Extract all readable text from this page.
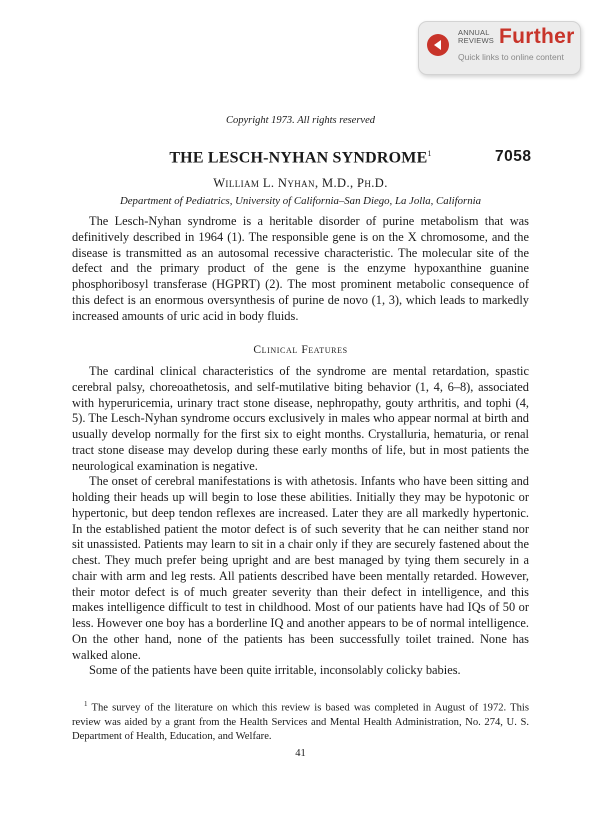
ANNUAL REVIEWS Further
Quick links to online content
Copyright 1973. All rights reserved
THE LESCH-NYHAN SYNDROME$^1$	7058
William L. Nyhan, M.D., Ph.D.
Department of Pediatrics, University of California–San Diego, La Jolla, California

The Lesch-Nyhan syndrome is a heritable disorder of purine metabolism that was definitively described in 1964 (1). The responsible gene is on the X chromosome, and the disease is transmitted as an autosomal recessive characteristic. The molecular site of the defect and the primary product of the gene is the enzyme hypoxanthine guanine phosphoribosyl transferase (HGPRT) (2). The most prominent metabolic consequence of this defect is an enormous oversynthesis of purine de novo (1, 3), which leads to markedly increased amounts of uric acid in body fluids.

Clinical Features

The cardinal clinical characteristics of the syndrome are mental retardation, spastic cerebral palsy, choreoathetosis, and self-mutilative biting behavior (1, 4, 6–8), associated with hyperuricemia, urinary tract stone disease, nephropathy, gouty arthritis, and tophi (4, 5). The Lesch-Nyhan syndrome occurs exclusively in males who appear normal at birth and usually develop normally for the first six to eight months. Crystalluria, hematuria, or renal tract stone disease may develop during these early months of life, but in most patients the neurological examination is negative.

The onset of cerebral manifestations is with athetosis. Infants who have been sitting and holding their heads up will begin to lose these abilities. Initially they may be hypotonic or hypertonic, but deep tendon reflexes are increased. Later they are all markedly hypertonic. In the established patient the motor defect is of such severity that he can neither stand nor sit unassisted. Patients may learn to sit in a chair only if they are securely fastened about the chest. They much prefer being upright and are best managed by tying them securely in a chair with arm and leg rests. All patients described have been mentally retarded. However, their motor defect is of much greater severity than their defect in intelligence, and this makes intelligence difficult to test in childhood. Most of our patients have had IQs of 50 or less. However one boy has a borderline IQ and another appears to be of normal intelligence. On the other hand, none of the patients has been successfully toilet trained. None has walked alone.

Some of the patients have been quite irritable, inconsolably colicky babies.

$^1$ The survey of the literature on which this review is based was completed in August of 1972. This review was aided by a grant from the Health Services and Mental Health Administration, No. 274, U. S. Department of Health, Education, and Welfare.
41
